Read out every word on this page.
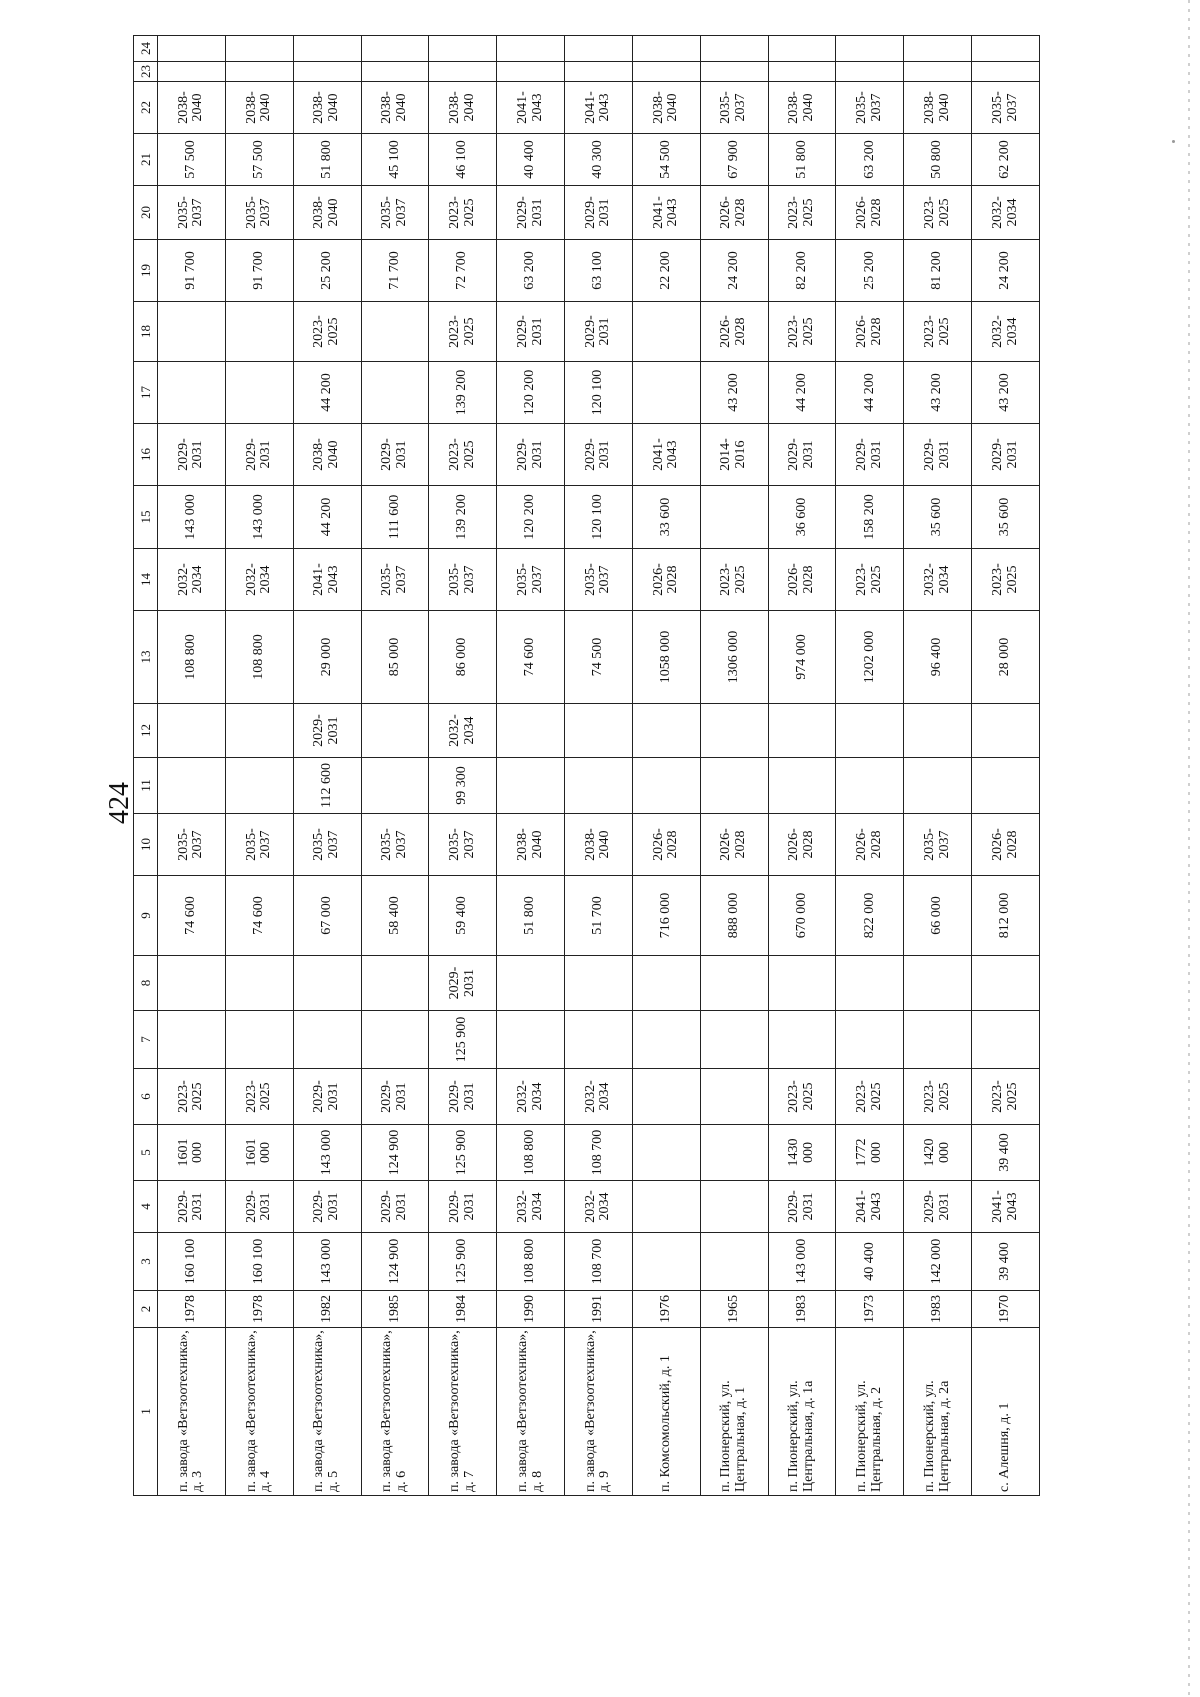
424
1	2	3	4	5	6	7	8	9	10	11	12	13	14	15	16	17	18	19	20	21	22	23	24
п. завода «Ветзоотехника», д. 3	1978	160 100	2029-2031	1601 000	2023-2025			74 600	2035-2037			108 800	2032-2034	143 000	2029-2031			91 700	2035-2037	57 500	2038-2040		
п. завода «Ветзоотехника», д. 4	1978	160 100	2029-2031	1601 000	2023-2025			74 600	2035-2037			108 800	2032-2034	143 000	2029-2031			91 700	2035-2037	57 500	2038-2040		
п. завода «Ветзоотехника», д. 5	1982	143 000	2029-2031	143 000	2029-2031			67 000	2035-2037	112 600	2029-2031	29 000	2041-2043	44 200	2038-2040	44 200	2023-2025	25 200	2038-2040	51 800	2038-2040		
п. завода «Ветзоотехника», д. 6	1985	124 900	2029-2031	124 900	2029-2031			58 400	2035-2037			85 000	2035-2037	111 600	2029-2031			71 700	2035-2037	45 100	2038-2040		
п. завода «Ветзоотехника», д. 7	1984	125 900	2029-2031	125 900	2029-2031	125 900	2029-2031	59 400	2035-2037	99 300	2032-2034	86 000	2035-2037	139 200	2023-2025	139 200	2023-2025	72 700	2023-2025	46 100	2038-2040		
п. завода «Ветзоотехника», д. 8	1990	108 800	2032-2034	108 800	2032-2034			51 800	2038-2040			74 600	2035-2037	120 200	2029-2031	120 200	2029-2031	63 200	2029-2031	40 400	2041-2043		
п. завода «Ветзоотехника», д. 9	1991	108 700	2032-2034	108 700	2032-2034			51 700	2038-2040			74 500	2035-2037	120 100	2029-2031	120 100	2029-2031	63 100	2029-2031	40 300	2041-2043		
п. Комсомольский, д. 1	1976							716 000	2026-2028			1058 000	2026-2028	33 600	2041-2043			22 200	2041-2043	54 500	2038-2040		
п. Пионерский, ул. Центральная, д. 1	1965							888 000	2026-2028			1306 000	2023-2025		2014-2016	43 200	2026-2028	24 200	2026-2028	67 900	2035-2037		
п. Пионерский, ул. Центральная, д. 1а	1983	143 000	2029-2031	1430 000	2023-2025			670 000	2026-2028			974 000	2026-2028	36 600	2029-2031	44 200	2023-2025	82 200	2023-2025	51 800	2038-2040		
п. Пионерский, ул. Центральная, д. 2	1973	40 400	2041-2043	1772 000	2023-2025			822 000	2026-2028			1202 000	2023-2025	158 200	2029-2031	44 200	2026-2028	25 200	2026-2028	63 200	2035-2037		
п. Пионерский, ул. Центральная, д. 2а	1983	142 000	2029-2031	1420 000	2023-2025			66 000	2035-2037			96 400	2032-2034	35 600	2029-2031	43 200	2023-2025	81 200	2023-2025	50 800	2038-2040		
с. Алешня, д. 1	1970	39 400	2041-2043	39 400	2023-2025			812 000	2026-2028			28 000	2023-2025	35 600	2029-2031	43 200	2032-2034	24 200	2032-2034	62 200	2035-2037		
